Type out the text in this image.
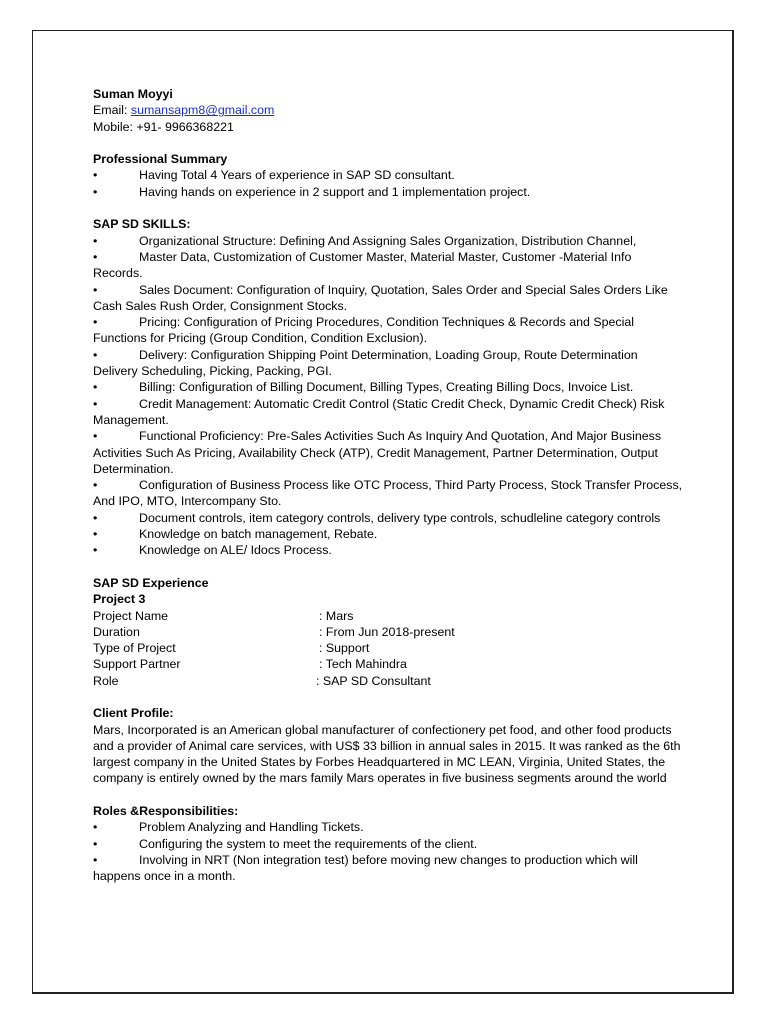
Suman Moyyi
Email: sumansapm8@gmail.com
Mobile: +91- 9966368221
Professional Summary
•	Having Total 4 Years of experience in SAP SD consultant.
•	Having hands on experience in 2 support and 1 implementation project.
SAP SD SKILLS:
•	Organizational Structure: Defining And Assigning Sales Organization, Distribution Channel,
•	Master Data, Customization of Customer Master, Material Master, Customer -Material Info Records.
•	Sales Document: Configuration of Inquiry, Quotation, Sales Order and Special Sales Orders Like Cash Sales Rush Order, Consignment Stocks.
•	Pricing: Configuration of Pricing Procedures, Condition Techniques & Records and Special Functions for Pricing (Group Condition, Condition Exclusion).
•	Delivery: Configuration Shipping Point Determination, Loading Group, Route Determination Delivery Scheduling, Picking, Packing, PGI.
•	Billing: Configuration of Billing Document, Billing Types, Creating Billing Docs, Invoice List.
•	Credit Management: Automatic Credit Control (Static Credit Check, Dynamic Credit Check) Risk Management.
•	Functional Proficiency: Pre-Sales Activities Such As Inquiry And Quotation, And Major Business Activities Such As Pricing, Availability Check (ATP), Credit Management, Partner Determination, Output Determination.
•	Configuration of Business Process like OTC Process, Third Party Process, Stock Transfer Process, And IPO, MTO, Intercompany Sto.
•	Document controls, item category controls, delivery type controls, schudleline category controls
•	Knowledge on batch management, Rebate.
•	Knowledge on ALE/ Idocs Process.
SAP SD Experience
Project 3
Project Name	: Mars
Duration	: From Jun 2018-present
Type of Project	: Support
Support Partner	: Tech Mahindra
Role	: SAP SD Consultant
Client Profile:
Mars, Incorporated is an American global manufacturer of confectionery pet food, and other food products and a provider of Animal care services, with US$ 33 billion in annual sales in 2015. It was ranked as the 6th largest company in the United States by Forbes Headquartered in MC LEAN, Virginia, United States, the company is entirely owned by the mars family Mars operates in five business segments around the world
Roles &Responsibilities:
•	Problem Analyzing and Handling Tickets.
•	Configuring the system to meet the requirements of the client.
•	Involving in NRT (Non integration test) before moving new changes to production which will happens once in a month.
